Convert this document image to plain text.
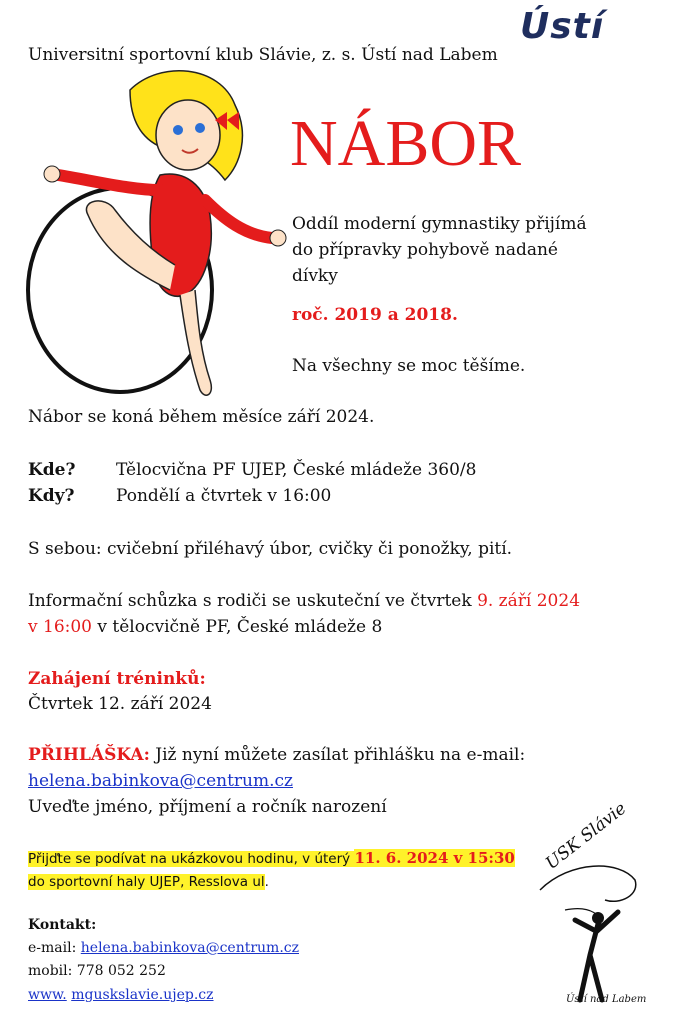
Ústí
Universitní sportovní klub Slávie, z. s. Ústí nad Labem
NÁBOR
Oddíl moderní gymnastiky přijímá
do přípravky pohybově nadané
dívky
roč. 2019 a 2018.
Na všechny se moc těšíme.
Nábor se koná během měsíce září 2024.
Kde? Tělocvična PF UJEP, České mládeže 360/8
Kdy? Pondělí a čtvrtek v 16:00
S sebou: cvičební přiléhavý úbor, cvičky či ponožky, pití.
Informační schůzka s rodiči se uskuteční ve čtvrtek 9. září 2024
v 16:00 v tělocvičně PF, České mládeže 8
Zahájení tréninků:
Čtvrtek 12. září 2024
PŘIHLÁŠKA: Již nyní můžete zasílat přihlášku na e-mail:
helena.babinkova@centrum.cz
Uveďte jméno, příjmení a ročník narození
Přijďte se podívat na ukázkovou hodinu, v úterý 11. 6. 2024 v 15:30
do sportovní haly UJEP, Resslova ul.
Kontakt:
e-mail: helena.babinkova@centrum.cz
mobil: 778 052 252
www. mguskslavie.ujep.cz
USK Slávie
Ústí nad Labem
